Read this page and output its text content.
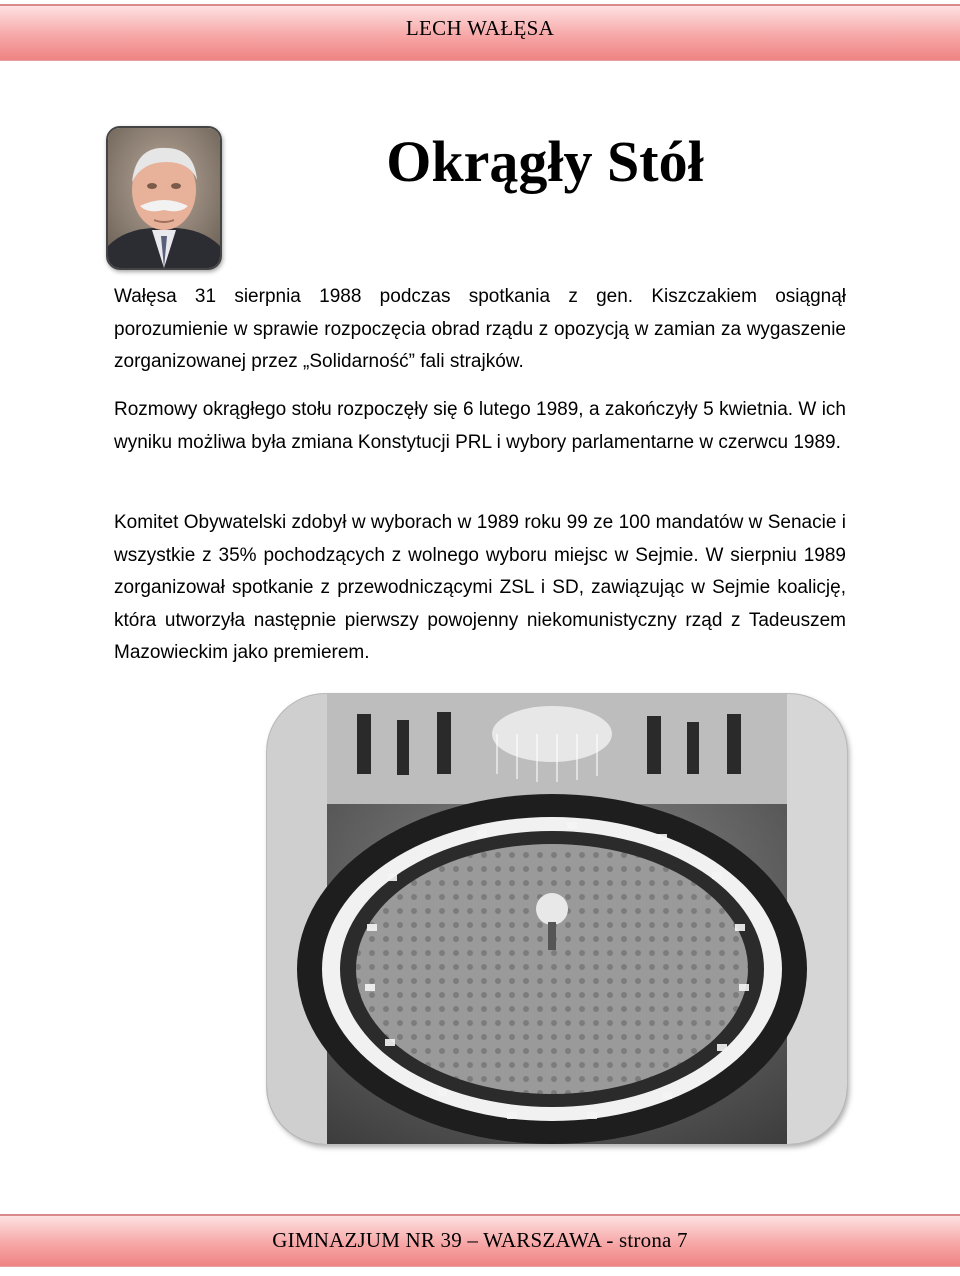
LECH WAŁĘSA
Okrągły Stół

Wałęsa 31 sierpnia 1988 podczas spotkania z gen. Kiszczakiem osiągnął porozumienie w sprawie rozpoczęcia obrad rządu z opozycją w zamian za wygaszenie zorganizowanej przez „Solidarność” fali strajków.

Rozmowy okrągłego stołu rozpoczęły się 6 lutego 1989, a zakończyły 5 kwietnia. W ich wyniku możliwa była zmiana Konstytucji PRL i wybory parlamentarne w czerwcu 1989.

Komitet Obywatelski zdobył w wyborach w 1989 roku 99 ze 100 mandatów w Senacie i wszystkie z 35% pochodzących z wolnego wyboru miejsc w Sejmie. W sierpniu 1989 zorganizował spotkanie z przewodniczącymi ZSL i SD, zawiązując w Sejmie koalicję, która utworzyła następnie pierwszy powojenny niekomunistyczny rząd z Tadeuszem Mazowieckim jako premierem.

GIMNAZJUM NR 39 – WARSZAWA - strona 7
